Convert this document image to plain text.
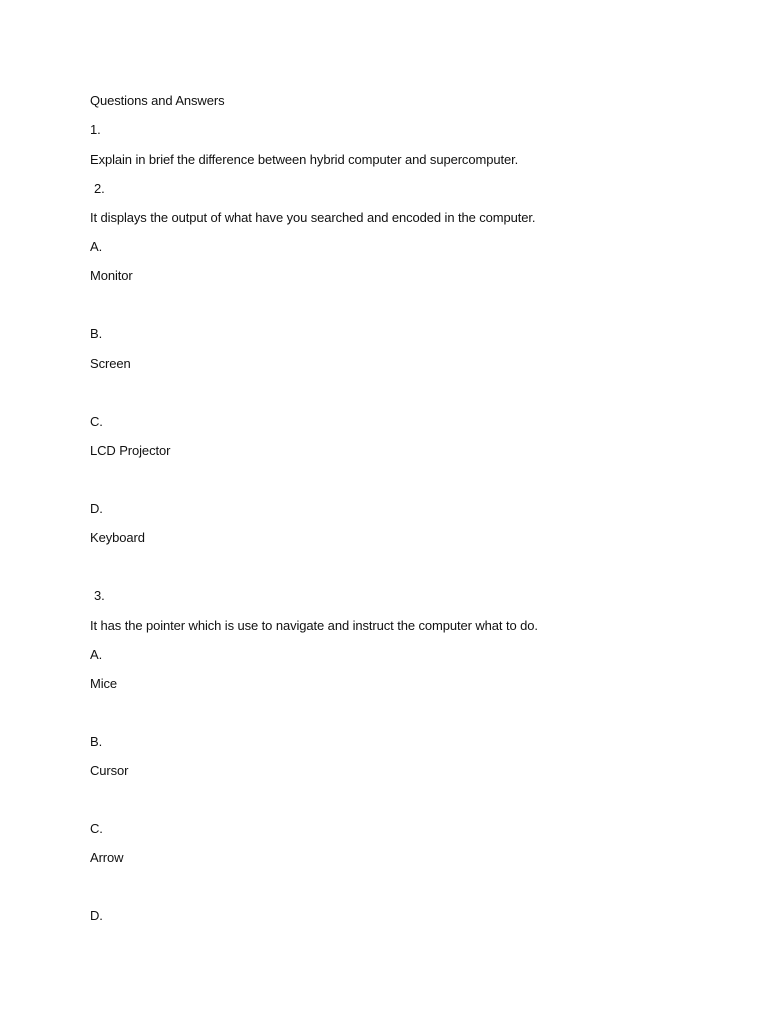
Questions and Answers
1.
Explain in brief the difference between hybrid computer and supercomputer.
2.
It displays the output of what have you searched and encoded in the computer.
A.
Monitor
B.
Screen
C.
LCD Projector
D.
Keyboard
3.
It has the pointer which is use to navigate and instruct the computer what to do.
A.
Mice
B.
Cursor
C.
Arrow
D.
